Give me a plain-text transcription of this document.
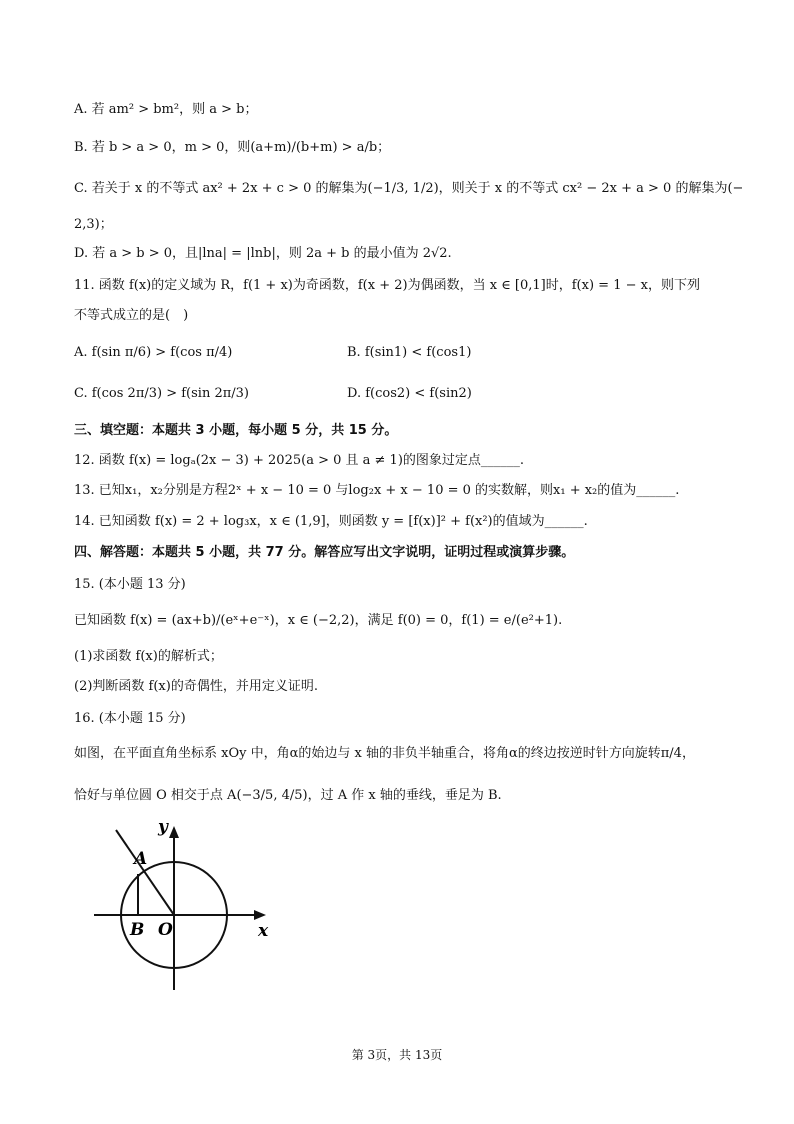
A. 若 am² > bm²，则 a > b；
B. 若 b > a > 0，m > 0，则(a+m)/(b+m) > a/b；
C. 若关于 x 的不等式 ax² + 2x + c > 0 的解集为(−1/3, 1/2)，则关于 x 的不等式 cx² − 2x + a > 0 的解集为(−
2,3)；
D. 若 a > b > 0，且|lna| = |lnb|，则 2a + b 的最小值为 2√2.
11. 函数 f(x)的定义域为 R，f(1 + x)为奇函数，f(x + 2)为偶函数，当 x ∈ [0,1]时，f(x) = 1 − x，则下列
不等式成立的是(　)
A. f(sin π/6) > f(cos π/4)	B. f(sin1) < f(cos1)
C. f(cos 2π/3) > f(sin 2π/3)	D. f(cos2) < f(sin2)
三、填空题：本题共 3 小题，每小题 5 分，共 15 分。
12. 函数 f(x) = logₐ(2x − 3) + 2025(a > 0 且 a ≠ 1)的图象过定点______.
13. 已知x₁，x₂分别是方程2ˣ + x − 10 = 0 与log₂x + x − 10 = 0 的实数解，则x₁ + x₂的值为______.
14. 已知函数 f(x) = 2 + log₃x，x ∈ (1,9]，则函数 y = [f(x)]² + f(x²)的值域为______.
四、解答题：本题共 5 小题，共 77 分。解答应写出文字说明，证明过程或演算步骤。
15. (本小题 13 分)
已知函数 f(x) = (ax+b)/(eˣ+e⁻ˣ)，x ∈ (−2,2)，满足 f(0) = 0，f(1) = e/(e²+1).
(1)求函数 f(x)的解析式；
(2)判断函数 f(x)的奇偶性，并用定义证明.
16. (本小题 15 分)
如图，在平面直角坐标系 xOy 中，角α的始边与 x 轴的非负半轴重合，将角α的终边按逆时针方向旋转π/4，
恰好与单位圆 O 相交于点 A(−3/5, 4/5)，过 A 作 x 轴的垂线，垂足为 B.
y
x
A
B O
第 3页，共 13页
